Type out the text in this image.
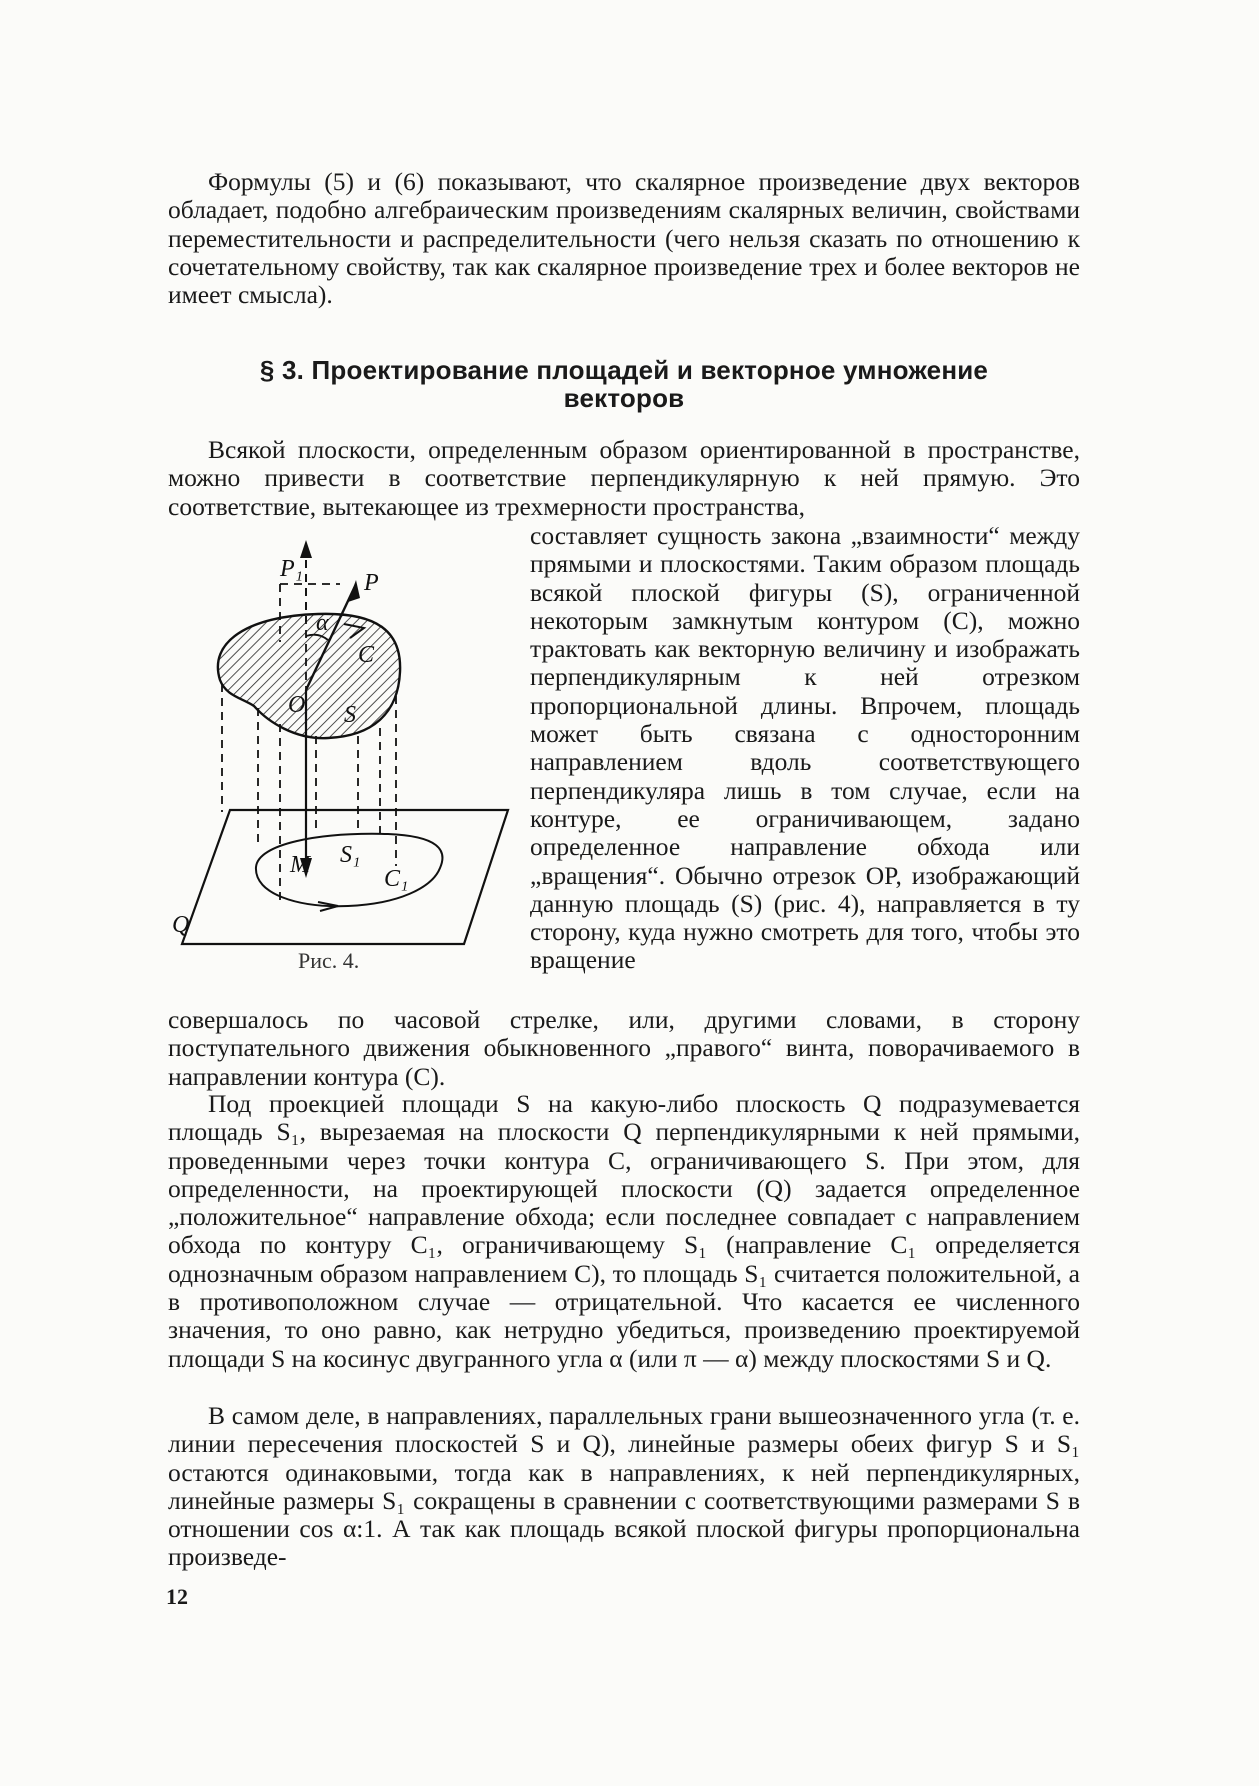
Формулы (5) и (6) показывают, что скалярное произведение двух векторов обладает, подобно алгебраическим произведениям скалярных величин, свойствами переместительности и распределительности (чего нельзя сказать по отношению к сочетательному свойству, так как скалярное произведение трех и более векторов не имеет смысла).

§ 3. Проектирование площадей и векторное умножение
векторов

Всякой плоскости, определенным образом ориентированной в пространстве, можно привести в соответствие перпендикулярную к ней прямую. Это соответствие, вытекающее из трехмерности пространства,

P₁
P
α
C
O S
M S₁
C₁
Q
Рис. 4.

составляет сущность закона „взаимности“ между прямыми и плоскостями. Таким образом площадь всякой плоской фигуры (S), ограниченной некоторым замкнутым контуром (C), можно трактовать как векторную величину и изображать перпендикулярным к ней отрезком пропорциональной длины. Впрочем, площадь может быть связана с односторонним направлением вдоль соответствующего перпендикуляра лишь в том случае, если на контуре, ее ограничивающем, задано определенное направление обхода или „вращения“. Обычно отрезок OP, изображающий данную площадь (S) (рис. 4), направляется в ту сторону, куда нужно смотреть для того, чтобы это вращение

совершалось по часовой стрелке, или, другими словами, в сторону поступательного движения обыкновенного „правого“ винта, поворачиваемого в направлении контура (C).

Под проекцией площади S на какую-либо плоскость Q подразумевается площадь S₁, вырезаемая на плоскости Q перпендикулярными к ней прямыми, проведенными через точки контура C, ограничивающего S. При этом, для определенности, на проектирующей плоскости (Q) задается определенное „положительное“ направление обхода; если последнее совпадает с направлением обхода по контуру C₁, ограничивающему S₁ (направление C₁ определяется однозначным образом направлением C), то площадь S₁ считается положительной, а в противоположном случае — отрицательной. Что касается ее численного значения, то оно равно, как нетрудно убедиться, произведению проектируемой площади S на косинус двугранного угла α (или π — α) между плоскостями S и Q.

В самом деле, в направлениях, параллельных грани вышеозначенного угла (т. е. линии пересечения плоскостей S и Q), линейные размеры обеих фигур S и S₁ остаются одинаковыми, тогда как в направлениях, к ней перпендикулярных, линейные размеры S₁ сокращены в сравнении с соответствующими размерами S в отношении cos α:1. А так как площадь всякой плоской фигуры пропорциональна произведе-

12
